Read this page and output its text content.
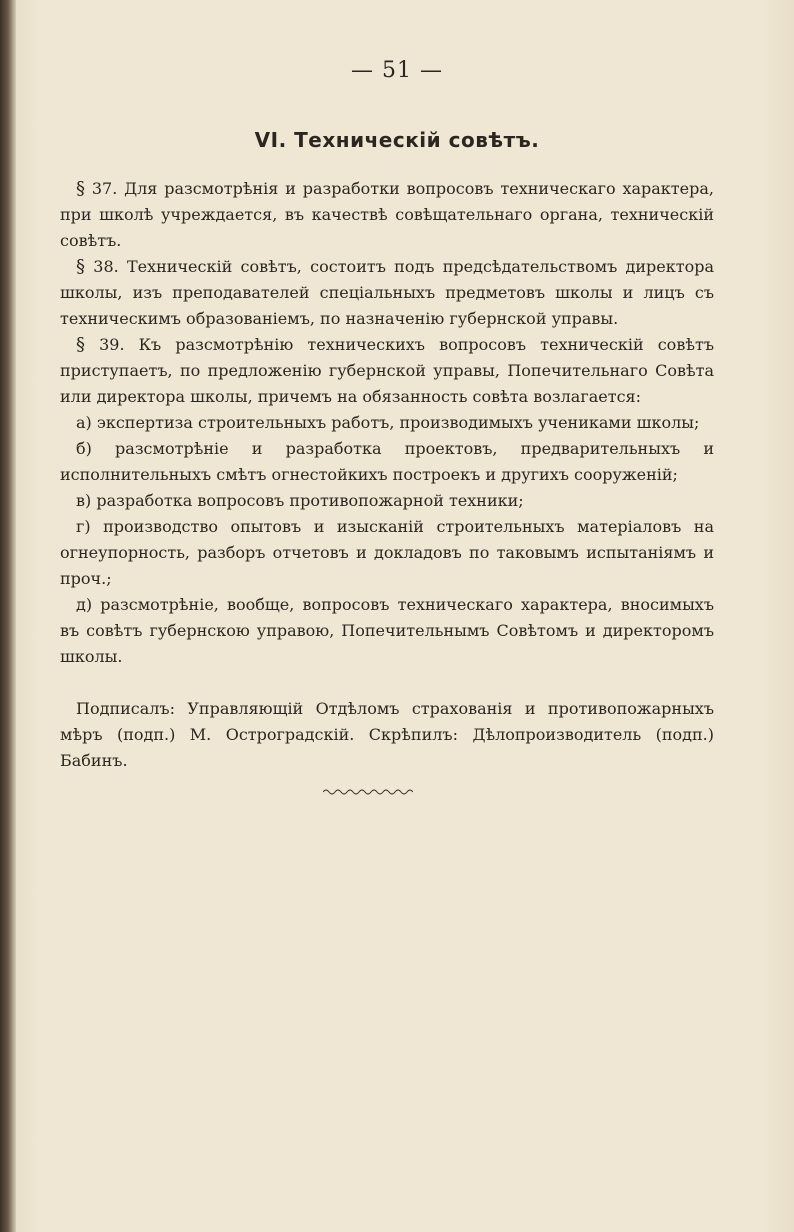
— 51 —
VI. Техническій совѣтъ.

§ 37. Для разсмотрѣнія и разработки вопросовъ техническаго характера, при школѣ учреждается, въ качествѣ совѣщательнаго органа, техническій совѣтъ.

§ 38. Техническій совѣтъ, состоитъ подъ предсѣдательствомъ директора школы, изъ преподавателей спеціальныхъ предметовъ школы и лицъ съ техническимъ образованіемъ, по назначенію губернской управы.

§ 39. Къ разсмотрѣнію техническихъ вопросовъ техническій совѣтъ приступаетъ, по предложенію губернской управы, Попечительнаго Совѣта или директора школы, причемъ на обязанность совѣта возлагается:

а) экспертиза строительныхъ работъ, производимыхъ учениками школы;

б) разсмотрѣніе и разработка проектовъ, предварительныхъ и исполнительныхъ смѣтъ огнестойкихъ построекъ и другихъ сооруженій;

в) разработка вопросовъ противопожарной техники;

г) производство опытовъ и изысканій строительныхъ матеріаловъ на огнеупорность, разборъ отчетовъ и докладовъ по таковымъ испытаніямъ и проч.;

д) разсмотрѣніе, вообще, вопросовъ техническаго характера, вносимыхъ въ совѣтъ губернскою управою, Попечительнымъ Совѣтомъ и директоромъ школы.

Подписалъ: Управляющій Отдѣломъ страхованія и противопожарныхъ мѣръ (подп.) М. Остроградскій. Скрѣпилъ: Дѣлопроизводитель (подп.) Бабинъ.
